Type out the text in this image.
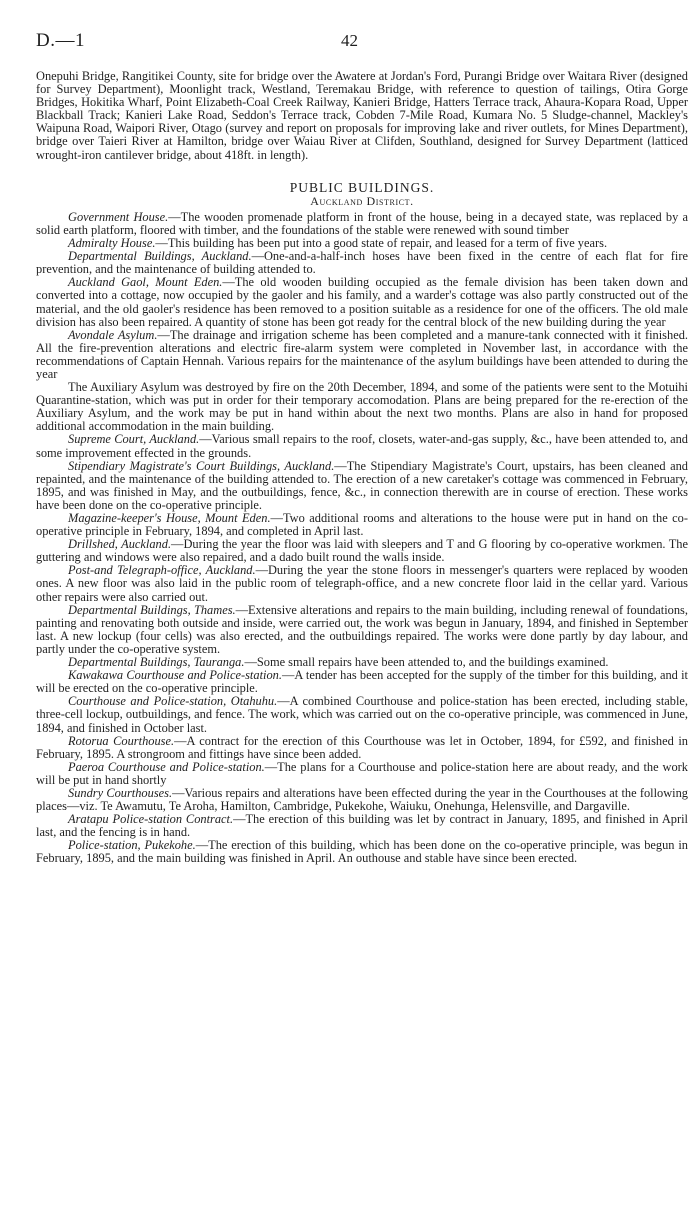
D.—1	42

Onepuhi Bridge, Rangitikei County, site for bridge over the Awatere at Jordan's Ford, Purangi Bridge over Waitara River (designed for Survey Department), Moonlight track, Westland, Teremakau Bridge, with reference to question of tailings, Otira Gorge Bridges, Hokitika Wharf, Point Elizabeth-Coal Creek Railway, Kanieri Bridge, Hatters Terrace track, Ahaura-Kopara Road, Upper Blackball Track; Kanieri Lake Road, Seddon's Terrace track, Cobden 7-Mile Road, Kumara No. 5 Sludge-channel, Mackley's Waipuna Road, Waipori River, Otago (survey and report on proposals for improving lake and river outlets, for Mines Department), bridge over Taieri River at Hamilton, bridge over Waiau River at Clifden, Southland, designed for Survey Department (latticed wrought-iron cantilever bridge, about 418ft. in length).

PUBLIC BUILDINGS.
Auckland District.

Government House.—The wooden promenade platform in front of the house, being in a decayed state, was replaced by a solid earth platform, floored with timber, and the foundations of the stable were renewed with sound timber

Admiralty House.—This building has been put into a good state of repair, and leased for a term of five years.

Departmental Buildings, Auckland.—One-and-a-half-inch hoses have been fixed in the centre of each flat for fire prevention, and the maintenance of building attended to.

Auckland Gaol, Mount Eden.—The old wooden building occupied as the female division has been taken down and converted into a cottage, now occupied by the gaoler and his family, and a warder's cottage was also partly constructed out of the material, and the old gaoler's residence has been removed to a position suitable as a residence for one of the officers. The old male division has also been repaired. A quantity of stone has been got ready for the central block of the new building during the year

Avondale Asylum.—The drainage and irrigation scheme has been completed and a manure-tank connected with it finished. All the fire-prevention alterations and electric fire-alarm system were completed in November last, in accordance with the recommendations of Captain Hennah. Various repairs for the maintenance of the asylum buildings have been attended to during the year

The Auxiliary Asylum was destroyed by fire on the 20th December, 1894, and some of the patients were sent to the Motuihi Quarantine-station, which was put in order for their temporary accomodation. Plans are being prepared for the re-erection of the Auxiliary Asylum, and the work may be put in hand within about the next two months. Plans are also in hand for proposed additional accommodation in the main building.

Supreme Court, Auckland.—Various small repairs to the roof, closets, water-and-gas supply, &c., have been attended to, and some improvement effected in the grounds.

Stipendiary Magistrate's Court Buildings, Auckland.—The Stipendiary Magistrate's Court, upstairs, has been cleaned and repainted, and the maintenance of the building attended to. The erection of a new caretaker's cottage was commenced in February, 1895, and was finished in May, and the outbuildings, fence, &c., in connection therewith are in course of erection. These works have been done on the co-operative principle.

Magazine-keeper's House, Mount Eden.—Two additional rooms and alterations to the house were put in hand on the co-operative principle in February, 1894, and completed in April last.

Drillshed, Auckland.—During the year the floor was laid with sleepers and T and G flooring by co-operative workmen. The guttering and windows were also repaired, and a dado built round the walls inside.

Post-and Telegraph-office, Auckland.—During the year the stone floors in messenger's quarters were replaced by wooden ones. A new floor was also laid in the public room of telegraph-office, and a new concrete floor laid in the cellar yard. Various other repairs were also carried out.

Departmental Buildings, Thames.—Extensive alterations and repairs to the main building, including renewal of foundations, painting and renovating both outside and inside, were carried out, the work was begun in January, 1894, and finished in September last. A new lockup (four cells) was also erected, and the outbuildings repaired. The works were done partly by day labour, and partly under the co-operative system.

Departmental Buildings, Tauranga.—Some small repairs have been attended to, and the buildings examined.

Kawakawa Courthouse and Police-station.—A tender has been accepted for the supply of the timber for this building, and it will be erected on the co-operative principle.

Courthouse and Police-station, Otahuhu.—A combined Courthouse and police-station has been erected, including stable, three-cell lockup, outbuildings, and fence. The work, which was carried out on the co-operative principle, was commenced in June, 1894, and finished in October last.

Rotorua Courthouse.—A contract for the erection of this Courthouse was let in October, 1894, for £592, and finished in February, 1895. A strongroom and fittings have since been added.

Paeroa Courthouse and Police-station.—The plans for a Courthouse and police-station here are about ready, and the work will be put in hand shortly

Sundry Courthouses.—Various repairs and alterations have been effected during the year in the Courthouses at the following places—viz. Te Awamutu, Te Aroha, Hamilton, Cambridge, Pukekohe, Waiuku, Onehunga, Helensville, and Dargaville.

Aratapu Police-station Contract.—The erection of this building was let by contract in January, 1895, and finished in April last, and the fencing is in hand.

Police-station, Pukekohe.—The erection of this building, which has been done on the co-operative principle, was begun in February, 1895, and the main building was finished in April. An outhouse and stable have since been erected.
